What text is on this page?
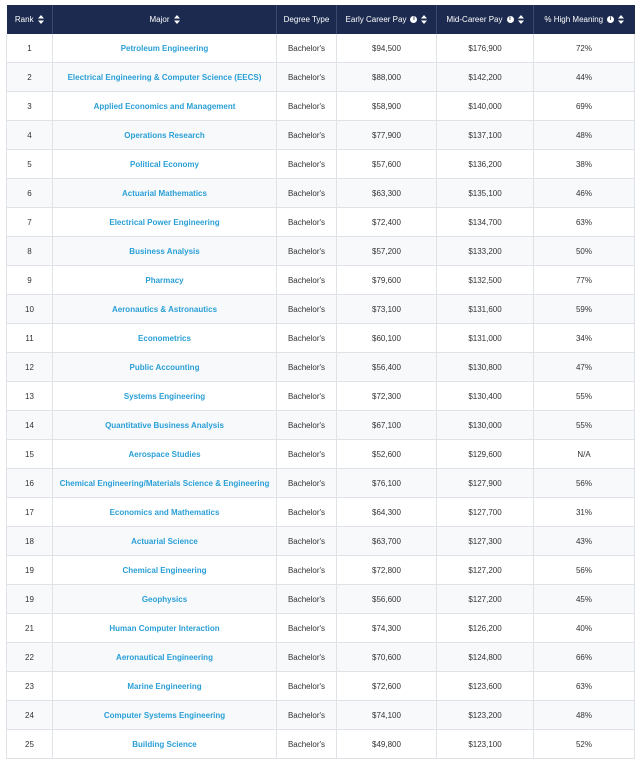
Rank	Major	Degree Type	Early Career Pay i	Mid-Career Pay i	% High Meaning i

1	Petroleum Engineering	Bachelor's	$94,500	$176,900	72%
2	Electrical Engineering & Computer Science (EECS)	Bachelor's	$88,000	$142,200	44%
3	Applied Economics and Management	Bachelor's	$58,900	$140,000	69%
4	Operations Research	Bachelor's	$77,900	$137,100	48%
5	Political Economy	Bachelor's	$57,600	$136,200	38%
6	Actuarial Mathematics	Bachelor's	$63,300	$135,100	46%
7	Electrical Power Engineering	Bachelor's	$72,400	$134,700	63%
8	Business Analysis	Bachelor's	$57,200	$133,200	50%
9	Pharmacy	Bachelor's	$79,600	$132,500	77%
10	Aeronautics & Astronautics	Bachelor's	$73,100	$131,600	59%
11	Econometrics	Bachelor's	$60,100	$131,000	34%
12	Public Accounting	Bachelor's	$56,400	$130,800	47%
13	Systems Engineering	Bachelor's	$72,300	$130,400	55%
14	Quantitative Business Analysis	Bachelor's	$67,100	$130,000	55%
15	Aerospace Studies	Bachelor's	$52,600	$129,600	N/A
16	Chemical Engineering/Materials Science & Engineering	Bachelor's	$76,100	$127,900	56%
17	Economics and Mathematics	Bachelor's	$64,300	$127,700	31%
18	Actuarial Science	Bachelor's	$63,700	$127,300	43%
19	Chemical Engineering	Bachelor's	$72,800	$127,200	56%
19	Geophysics	Bachelor's	$56,600	$127,200	45%
21	Human Computer Interaction	Bachelor's	$74,300	$126,200	40%
22	Aeronautical Engineering	Bachelor's	$70,600	$124,800	66%
23	Marine Engineering	Bachelor's	$72,600	$123,600	63%
24	Computer Systems Engineering	Bachelor's	$74,100	$123,200	48%
25	Building Science	Bachelor's	$49,800	$123,100	52%
